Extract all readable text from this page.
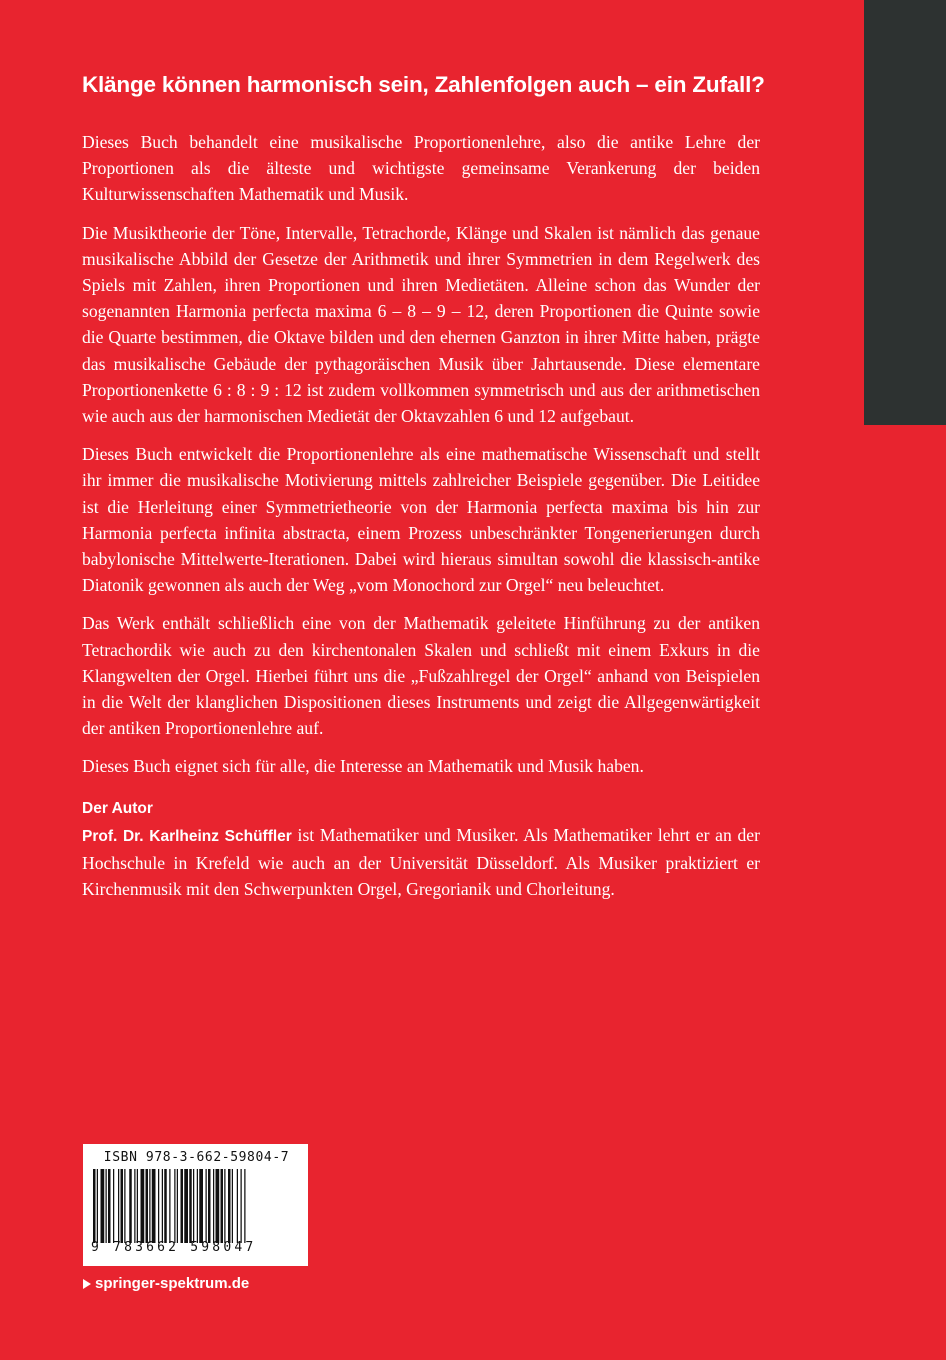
Klänge können harmonisch sein, Zahlenfolgen auch – ein Zufall?

Dieses Buch behandelt eine musikalische Proportionenlehre, also die antike Lehre der Proportionen als die älteste und wichtigste gemeinsame Verankerung der beiden Kulturwissenschaften Mathematik und Musik.

Die Musiktheorie der Töne, Intervalle, Tetrachorde, Klänge und Skalen ist nämlich das genaue musikalische Abbild der Gesetze der Arithmetik und ihrer Symmetrien in dem Regelwerk des Spiels mit Zahlen, ihren Proportionen und ihren Medietäten. Alleine schon das Wunder der sogenannten Harmonia perfecta maxima 6 – 8 – 9 – 12, deren Proportionen die Quinte sowie die Quarte bestimmen, die Oktave bilden und den ehernen Ganzton in ihrer Mitte haben, prägte das musikalische Gebäude der pythagoräischen Musik über Jahrtausende. Diese elementare Proportionenkette 6 : 8 : 9 : 12 ist zudem vollkommen symmetrisch und aus der arithmetischen wie auch aus der harmonischen Medietät der Oktavzahlen 6 und 12 aufgebaut.

Dieses Buch entwickelt die Proportionenlehre als eine mathematische Wissenschaft und stellt ihr immer die musikalische Motivierung mittels zahlreicher Beispiele gegenüber. Die Leitidee ist die Herleitung einer Symmetrietheorie von der Harmonia perfecta maxima bis hin zur Harmonia perfecta infinita abstracta, einem Prozess unbeschränkter Tongenerierungen durch babylonische Mittelwerte-Iterationen. Dabei wird hieraus simultan sowohl die klassisch-antike Diatonik gewonnen als auch der Weg „vom Monochord zur Orgel“ neu beleuchtet.

Das Werk enthält schließlich eine von der Mathematik geleitete Hinführung zu der antiken Tetrachordik wie auch zu den kirchentonalen Skalen und schließt mit einem Exkurs in die Klangwelten der Orgel. Hierbei führt uns die „Fußzahlregel der Orgel“ anhand von Beispielen in die Welt der klanglichen Dispositionen dieses Instruments und zeigt die Allgegenwärtigkeit der antiken Proportionenlehre auf.

Dieses Buch eignet sich für alle, die Interesse an Mathematik und Musik haben.

Der Autor

Prof. Dr. Karlheinz Schüffler ist Mathematiker und Musiker. Als Mathematiker lehrt er an der Hochschule in Krefeld wie auch an der Universität Düsseldorf. Als Musiker praktiziert er Kirchenmusik mit den Schwerpunkten Orgel, Gregorianik und Chorleitung.

ISBN 978-3-662-59804-7
9 783662 598047
springer-spektrum.de
